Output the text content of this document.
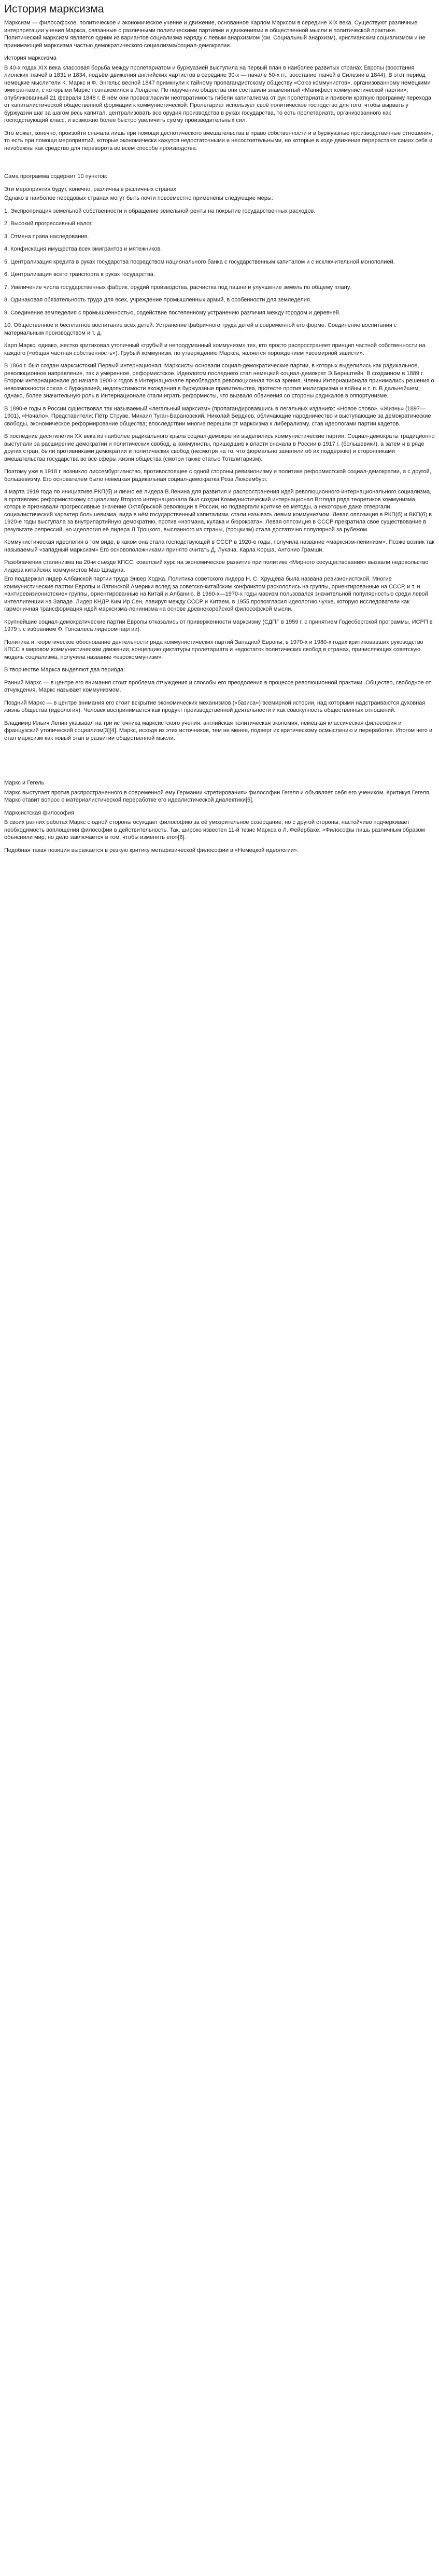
История марксизма

Марксизм — философское, политическое и экономическое учение и движение, основанное Карлом Марксом в середине XIX века. Существуют различные интерпретации учения Маркса, связанные с различными политическими партиями и движениями в общественной мысли и политической практике. Политический марксизм является одним из вариантов социализма наряду с левым анархизмом (см. Социальный анархизм), христианским социализмом и не принимающей марксизма частью демократического социализма/социал-демократии.

История марксизма

В 40-х годах XIX века классовая борьба между пролетариатом и буржуазией выступила на первый план в наиболее развитых странах Европы (восстания лионских ткачей в 1831 и 1834, подъём движения английских чартистов в середине 30-х — начале 50-х гг., восстание ткачей в Силезии в 1844). В этот период немецкие мыслители К. Маркс и Ф. Энгельс весной 1847 примкнули к тайному пропагандистскому обществу «Союз коммунистов», организованному немецкими эмигрантами, с которыми Маркс познакомился в Лондоне. По поручению общества они составили знаменитый «Манифест коммунистической партии», опубликованный 21 февраля 1848 г. В нём они провозгласили неотвратимость гибели капитализма от рук пролетариата и привели краткую программу перехода от капиталистической общественной формации к коммунистической: Пролетариат использует своё политическое господство для того, чтобы вырвать у буржуазии шаг за шагом весь капитал, централизовать все орудия производства в руках государства, то есть пролетариата, организованного как господствующий класс, и возможно более быстро увеличить сумму производительных сил.

Это может, конечно, произойти сначала лишь при помощи деспотического вмешательства в право собственности и в буржуазные производственные отношения, то есть при помощи мероприятий, которые экономически кажутся недостаточными и несостоятельными, но которые в ходе движения перерастают самих себя и неизбежны как средство для переворота во всем способе производства.

Сама программа содержит 10 пунктов:

Эти мероприятия будут, конечно, различны в различных странах.

Однако в наиболее передовых странах могут быть почти повсеместно применены следующие меры:

1. Экспроприация земельной собственности и обращение земельной ренты на покрытие государственных расходов.

2. Высокий прогрессивный налог.

3. Отмена права наследования.

4. Конфискация имущества всех эмигрантов и мятежников.

5. Централизация кредита в руках государства посредством национального банка с государственным капиталом и с исключительной монополией.

6. Централизация всего транспорта в руках государства.

7. Увеличение числа государственных фабрик, орудий производства, расчистка под пашни и улучшение земель по общему плану.

8. Одинаковая обязательность труда для всех, учреждение промышленных армий, в особенности для земледелия.

9. Соединение земледелия с промышленностью, содействие постепенному устранению различия между городом и деревней.

10. Общественное и бесплатное воспитание всех детей. Устранение фабричного труда детей в современной его форме. Соединение воспитания с материальным производством и т. д.

Карл Маркс, однако, жестко критиковал утопичный «грубый и непродуманный коммунизм» тех, кто просто распространяет принцип частной собственности на каждого («общая частная собственность»). Грубый коммунизм, по утверждению Маркса, является порождением «всемирной зависти».

В 1864 г. был создан марксистский Первый интернационал. Марксисты основали социал-демократические партии, в которых выделились как радикальное, революционное направление, так и умеренное, реформистское. Идеологом последнего стал немецкий социал-демократ Э.Бернштейн. В созданном в 1889 г. Втором интернационале до начала 1900-х годов в Интернационале преобладала революционная точка зрения. Члены Интернационала принимались решения о невозможности союза с буржуазией, недопустимости вхождения в буржуазные правительства, протесте против милитаризма и войны и т. п. В дальнейшем, однако, более значительную роль в Интернационале стали играть реформисты, что вызвало обвинения со стороны радикалов в оппортунизме.

В 1890-е годы в России существовал так называемый «легальный марксизм» (пропагандировавшись в легальных изданиях: «Новое слово», «Жизнь» (1897—1901), «Начало», Представители: Пётр Струве, Михаил Туган-Барановский, Николай Бердяев, обличающие народничество и выступающие за демократические свободы, экономическое реформирование общества; впоследствии многие перешли от марксизма к либерализму, став идеологами партии кадетов.

В последние десятилетия XX века из наиболее радикального крыла социал-демократии выделились коммунистические партии. Социал-демократы традиционно выступали за расширение демократии и политических свобод, а коммунисты, пришедшие к власти сначала в России в 1917 г. (большевики), а затем и в ряде других стран, были противниками демократии и политических свобод (несмотря на то, что формально заявляли об их поддержке) и сторонниками вмешательства государства во все сферы жизни общества (смотри также статью Тоталитаризм).

Поэтому уже в 1918 г. возникло лиссембургианство, противостоящее с одной стороны ревизионизму и политике реформистской социал-демократии, а с другой, большевизму. Его основателем было немецкая радикальная социал-демократка Роза Люксембург.

4 марта 1919 года по инициативе РКП(б) и лично её лидера В.Ленина для развития и распространения идей революционного интернационального социализма, в противовес реформистскому социализму Второго интернационала был создан Коммунистический интернационал.Вгглядя ряда теоретиков коммунизма, которые признавали прогрессивные значение Октябрьской революции в России, но подвергали критике ее методы, а некоторые даже отвергали социалистический характер большевизма, вида в нём государственный капитализм, стали называть левым коммунизмом. Левая оппозиция в РКП(б) и ВКП(б) в 1920-е годы выступала за внутрипартийную демократию, против «нэпмана, кулака и бюрократа». Левая оппозиция в СССР прекратила свое существование в результате репрессий, но идеология её лидера Л.Троцкого, высланного из страны, (троцкизм) стала достаточно популярной за рубежом.

Коммунистическая идеология в том виде, в каком она стала господствующей в СССР в 1920-е годы, получила название «марксизм-ленинизм». Позже возник так называемый «западный марксизм» Его основоположниками принято считать Д. Лукача, Карла Корша, Антонио Грамши.

Разоблачения сталинизма на 20-м съезде КПСС, советский курс на экономическое развитие при политике «Мирного сосуществования» вызвали недовольство лидера китайских коммунистов Мао Цзэдуна.

Его поддержал лидер Албанской партии труда Энвер Ходжа. Политика советского лидера Н. С. Хрущёва была названа ревизионистской. Многие коммунистические партии Европы и Латинской Америки вслед за советско-китайским конфликтом раскололись на группы, ориентированные на СССР, и т. н. «антиревизионистские» группы, ориентированные на Китай и Албанию. В 1960-х—1970-х годы маоизм пользовался значительной популярностью среди левой интеллигенции на Западе. Лидер КНДР Ким Ир Сен, лавируя между СССР и Китаем, в 1955 провозгласил идеологию чучхе, которую исследователи как гармоничная трансформация идей марксизма-ленинизма на основе древнекорейской философской мысли.

Крупнейшие социал-демократические партии Европы отказались от приверженности марксизму (СДПГ в 1959 г. с принятием Годесбергской программы, ИСРП в 1979 г. с избранием Ф. Гонсалеса лидером партии).

Политика и теоретическое обоснование деятельности ряда коммунистических партий Западной Европы, в 1970-х и 1980-х годах критиковавших руководство КПСС в мировом коммунистическом движении, концепцию диктатуры пролетариата и недостаток политических свобод в странах, причисляющих советскую модель социализма, получила название «еврокоммунизм».

В творчестве Маркса выделяют два периода:

Ранний Маркс — в центре его внимания стоит проблема отчуждения и способы его преодоления в процессе революционной практики. Общество, свободное от отчуждения, Маркс называет коммунизмом.

Поздний Маркс — в центре внимания его стоит вскрытие экономических механизмов («базиса») всемирной истории, над которыми надстраиваются духовная жизнь общества (идеология). Человек воспринимается как продукт производственной деятельности и как совокупность общественных отношений.

Владимир Ильич Ленин указывал на три источника марксистского учения: английская политическая экономия, немецкая классическая философия и французский утопический социализм[3][4]. Маркс, исходя из этих источников, тем не менее, подверг их критическому осмыслению и переработке. Итогом чего и стал марксизм как новый этап в развитии общественной мысли.

Маркс и Гегель

Маркс выступает против распространенного в современной ему Германии «третирования» философии Гегеля и объявляет себя его учеником. Критикуя Гегеля, Маркс ставит вопрос о материалистической переработке его идеалистической диалектики[5].

Марксистская философия

В своих ранних работах Маркс с одной стороны осуждает философию за её умозрительное созерцание, но с другой стороны, настойчиво подчеркивает необходимость воплощения философии в действительность. Так, широко известен 11-й тезис Маркса о Л. Фейербахе: «Философы лишь различным образом объясняли мир, но дело заключается в том, чтобы изменить его»[6].

Подобная такая позиция выражается в резкую критику метафизической философии в «Немецкой идеологии».
